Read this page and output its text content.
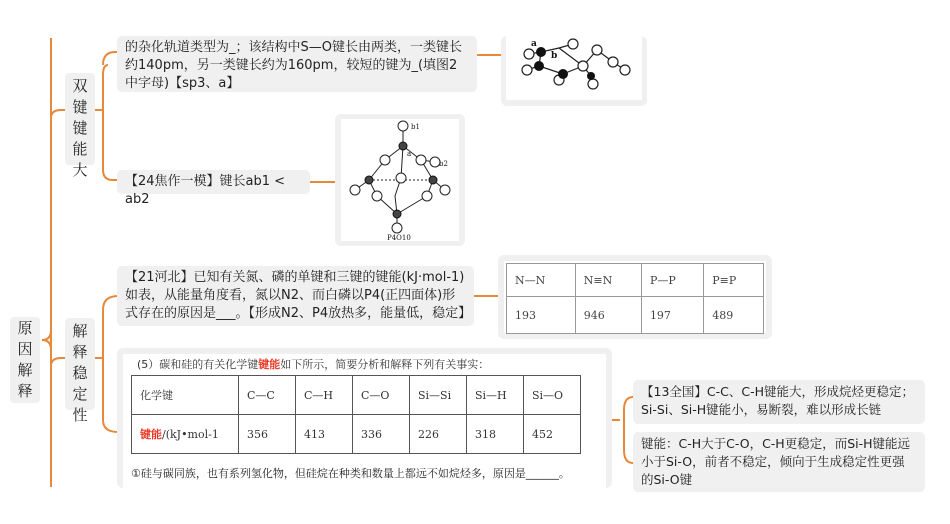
原因解释
双键键能大
解释稳定性
的杂化轨道类型为_；该结构中S—O键长由两类，一类键长约140pm，另一类键长约为160pm，较短的键为_(填图2中字母)【sp3、a】
a
b
【24焦作一模】键长ab1 < ab2
b1
a
b2
P4O10
【21河北】已知有关氮、磷的单键和三键的键能(kJ·mol-1)如表，从能量角度看，氮以N2、而白磷以P4(正四面体)形式存在的原因是___。【形成N2、P4放热多，能量低，稳定】
N—N	N≡N	P—P	P≡P
193	946	197	489
(5）碳和硅的有关化学键键能如下所示，简要分析和解释下列有关事实：
化学键	C—C	C—H	C—O	Si—Si	Si—H	Si—O
键能/(kJ•mol-1	356	413	336	226	318	452
①硅与碳同族，也有系列氢化物，但硅烷在种类和数量上都远不如烷烃多，原因是______。
【13全国】C-C、C-H键能大，形成烷烃更稳定；Si-Si、Si-H键能小，易断裂，难以形成长链
键能：C-H大于C-O，C-H更稳定，而Si-H键能远小于Si-O，前者不稳定，倾向于生成稳定性更强的Si-O键
